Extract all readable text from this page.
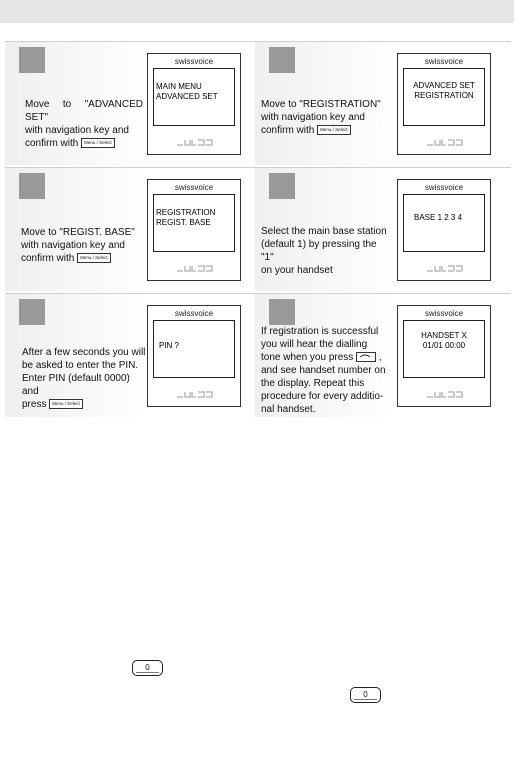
Move to "ADVANCED SET"

with navigation key and

confirm with Menu / Select

swissvoice
MAIN MENU
ADVANCED SET

Move to "REGISTRATION"

with navigation key and

confirm with Menu / Select

swissvoice
ADVANCED SET
REGISTRATION

Move to "REGIST. BASE"

with navigation key and

confirm with Menu / Select

swissvoice
REGISTRATION
REGIST. BASE

Select the main base station

(default 1) by pressing the "1"

on your handset

swissvoice
BASE 1 2 3 4

After a few seconds you will

be asked to enter the PIN.

Enter PIN (default 0000) and

press Menu / Select

swissvoice
PIN ?

If registration is successful

you will hear the dialling

tone when you press	,

and see handset number on

the display. Repeat this

procedure for every additio-

nal handset.

swissvoice
HANDSET X
01/01 00:00
0
0
